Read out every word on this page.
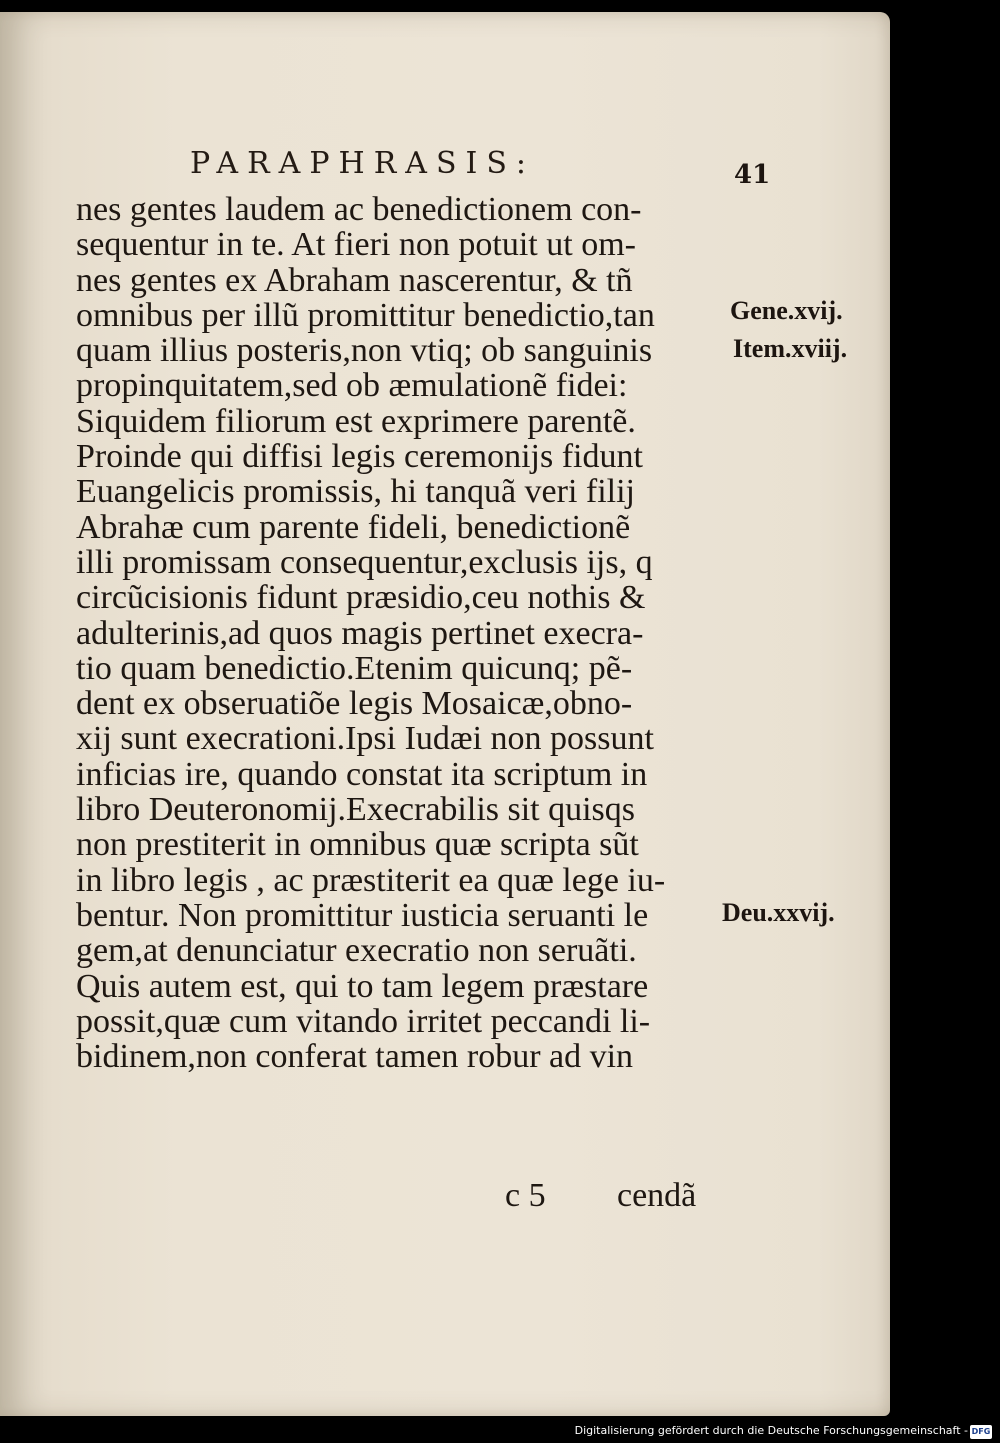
PARAPHRASIS:	41
nes gentes laudem ac benedictionem con-
sequentur in te. At fieri non potuit ut om-
nes gentes ex Abraham nascerentur, & tñ
omnibus per illũ promittitur benedictio,tan
quam illius posteris,non vtiq; ob sanguinis
propinquitatem,sed ob æmulationẽ fidei:
Siquidem filiorum est exprimere parentẽ.
Proinde qui diffisi legis ceremonijs fidunt
Euangelicis promissis, hi tanquã veri filij
Abrahæ cum parente fideli, benedictionẽ
illi promissam consequentur,exclusis ijs, q
circũcisionis fidunt præsidio,ceu nothis &
adulterinis,ad quos magis pertinet execra-
tio quam benedictio.Etenim quicunq; pẽ-
dent ex obseruatiõe legis Mosaicæ,obno-
xij sunt execrationi.Ipsi Iudæi non possunt
inficias ire, quando constat ita scriptum in
libro Deuteronomij.Execrabilis sit quisqs
non prestiterit in omnibus quæ scripta sũt
in libro legis , ac præstiterit ea quæ lege iu-
bentur. Non promittitur iusticia seruanti le
gem,at denunciatur execratio non seruãti.
Quis autem est, qui to tam legem præstare
possit,quæ cum vitando irritet peccandi li-
bidinem,non conferat tamen robur ad vin
Gene.xvij.
Item.xviij.
Deu.xxvij.
c 5 cendã
Digitalisierung gefördert durch die Deutsche Forschungsgemeinschaft - DFG
